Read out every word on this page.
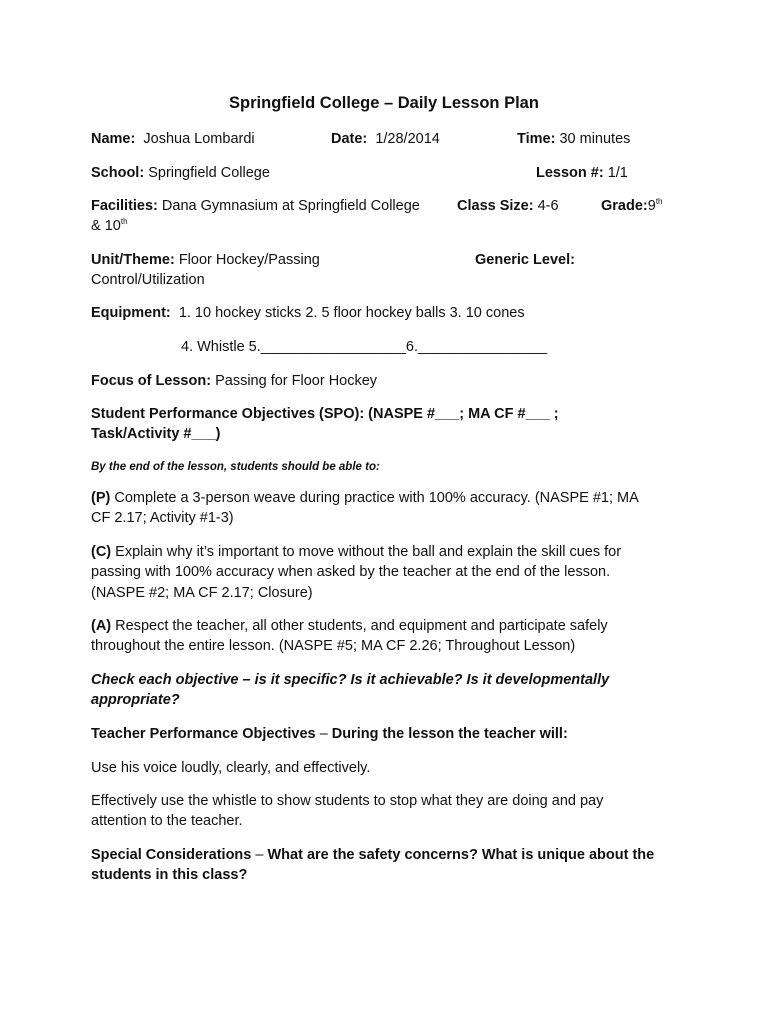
Springfield College – Daily Lesson Plan
Name: Joshua Lombardi	Date: 1/28/2014	Time: 30 minutes
School: Springfield College	Lesson #: 1/1
Facilities: Dana Gymnasium at Springfield College	Class Size: 4-6	Grade:9th
& 10th
Unit/Theme: Floor Hockey/Passing	Generic Level:
Control/Utilization
Equipment: 1. 10 hockey sticks 2. 5 floor hockey balls 3. 10 cones
4. Whistle 5.__________________6.________________
Focus of Lesson: Passing for Floor Hockey
Student Performance Objectives (SPO): (NASPE #___; MA CF #___ ;
Task/Activity #___)
By the end of the lesson, students should be able to:
(P) Complete a 3-person weave during practice with 100% accuracy. (NASPE #1; MA
CF 2.17; Activity #1-3)
(C) Explain why it’s important to move without the ball and explain the skill cues for
passing with 100% accuracy when asked by the teacher at the end of the lesson.
(NASPE #2; MA CF 2.17; Closure)
(A) Respect the teacher, all other students, and equipment and participate safely
throughout the entire lesson. (NASPE #5; MA CF 2.26; Throughout Lesson)
Check each objective – is it specific? Is it achievable? Is it developmentally
appropriate?
Teacher Performance Objectives – During the lesson the teacher will:
Use his voice loudly, clearly, and effectively.
Effectively use the whistle to show students to stop what they are doing and pay
attention to the teacher.
Special Considerations – What are the safety concerns? What is unique about the
students in this class?
